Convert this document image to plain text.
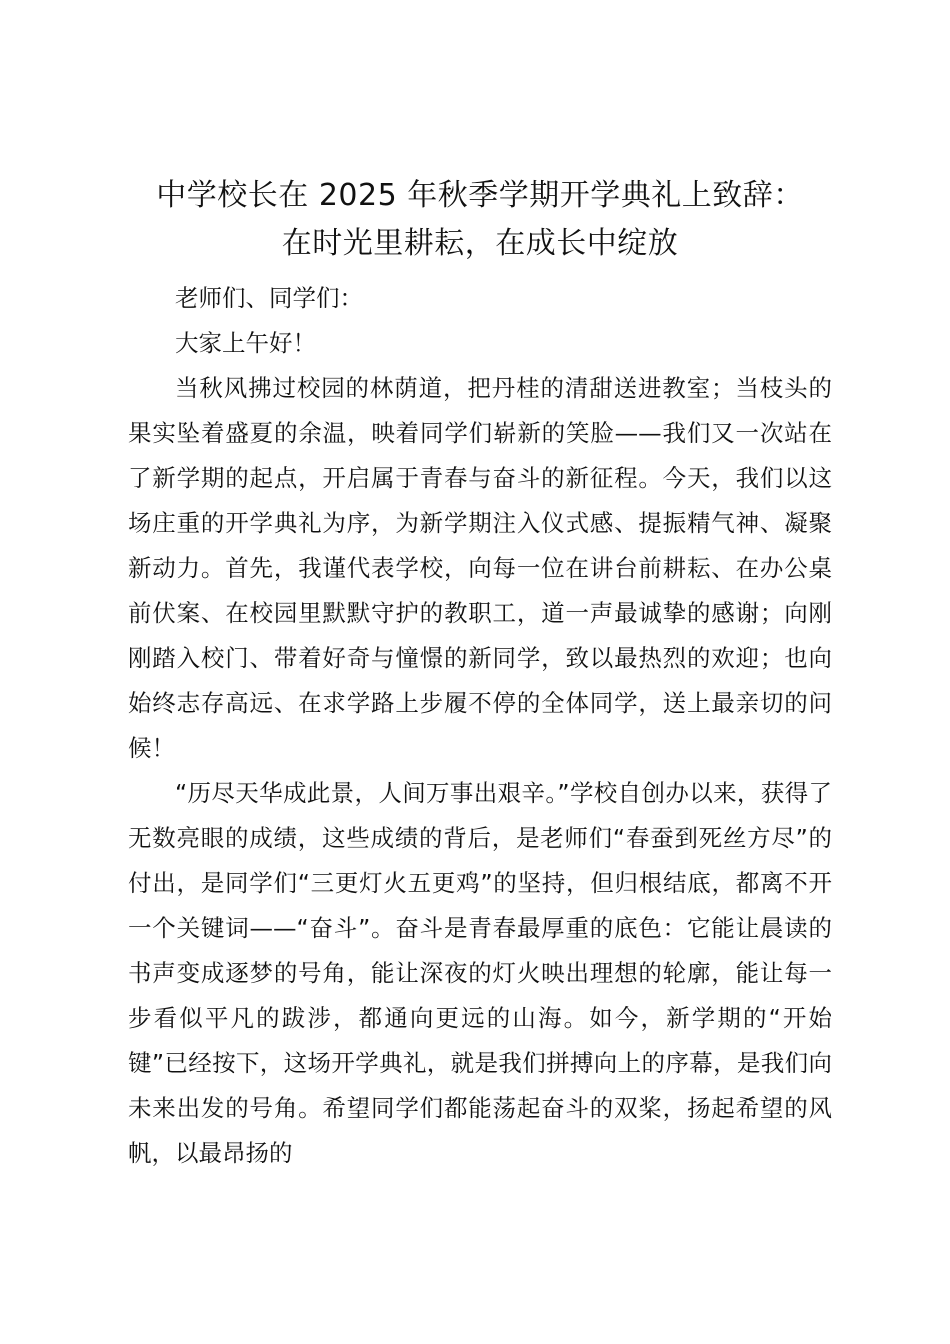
中学校长在 2025 年秋季学期开学典礼上致辞：
在时光里耕耘，在成长中绽放

老师们、同学们：

大家上午好！

当秋风拂过校园的林荫道，把丹桂的清甜送进教室；当枝头的果实坠着盛夏的余温，映着同学们崭新的笑脸——我们又一次站在了新学期的起点，开启属于青春与奋斗的新征程。今天，我们以这场庄重的开学典礼为序，为新学期注入仪式感、提振精气神、凝聚新动力。首先，我谨代表学校，向每一位在讲台前耕耘、在办公桌前伏案、在校园里默默守护的教职工，道一声最诚挚的感谢；向刚刚踏入校门、带着好奇与憧憬的新同学，致以最热烈的欢迎；也向始终志存高远、在求学路上步履不停的全体同学，送上最亲切的问候！

“历尽天华成此景，人间万事出艰辛。”学校自创办以来，获得了无数亮眼的成绩，这些成绩的背后，是老师们“春蚕到死丝方尽”的付出，是同学们“三更灯火五更鸡”的坚持，但归根结底，都离不开一个关键词——“奋斗”。奋斗是青春最厚重的底色：它能让晨读的书声变成逐梦的号角，能让深夜的灯火映出理想的轮廓，能让每一步看似平凡的跋涉，都通向更远的山海。如今，新学期的“开始键”已经按下，这场开学典礼，就是我们拼搏向上的序幕，是我们向未来出发的号角。希望同学们都能荡起奋斗的双桨，扬起希望的风帆，以最昂扬的
